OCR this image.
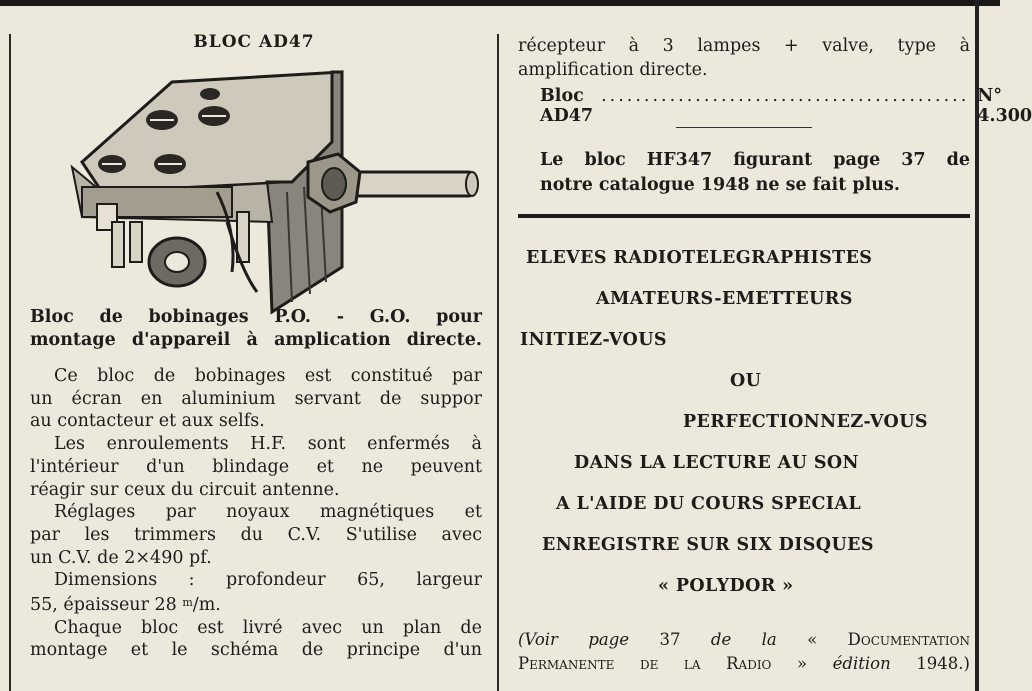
BLOC AD47
Bloc de bobinages P.O. - G.O. pour
montage d'appareil à amplication directe.
Ce bloc de bobinages est constitué par
un écran en aluminium servant de suppor
au contacteur et aux selfs.
Les enroulements H.F. sont enfermés à
l'intérieur d'un blindage et ne peuvent
réagir sur ceux du circuit antenne.
Réglages par noyaux magnétiques et
par les trimmers du C.V. S'utilise avec
un C.V. de 2×490 pf.
Dimensions : profondeur 65, largeur
55, épaisseur 28 $^m$/m.
Chaque bloc est livré avec un plan de
montage et le schéma de principe d'un
récepteur à 3 lampes + valve, type à
amplification directe.
Bloc AD47
........................................... N° 4.300
Le bloc HF347 figurant page 37 de
notre catalogue 1948 ne se fait plus.
ELEVES RADIOTELEGRAPHISTES
AMATEURS-EMETTEURS
INITIEZ-VOUS
OU
PERFECTIONNEZ-VOUS
DANS LA LECTURE AU SON
A L'AIDE DU COURS SPECIAL
ENREGISTRE SUR SIX DISQUES
« POLYDOR »
(Voir page 37 de la « Documentation
Permanente de la Radio » édition 1948.)
